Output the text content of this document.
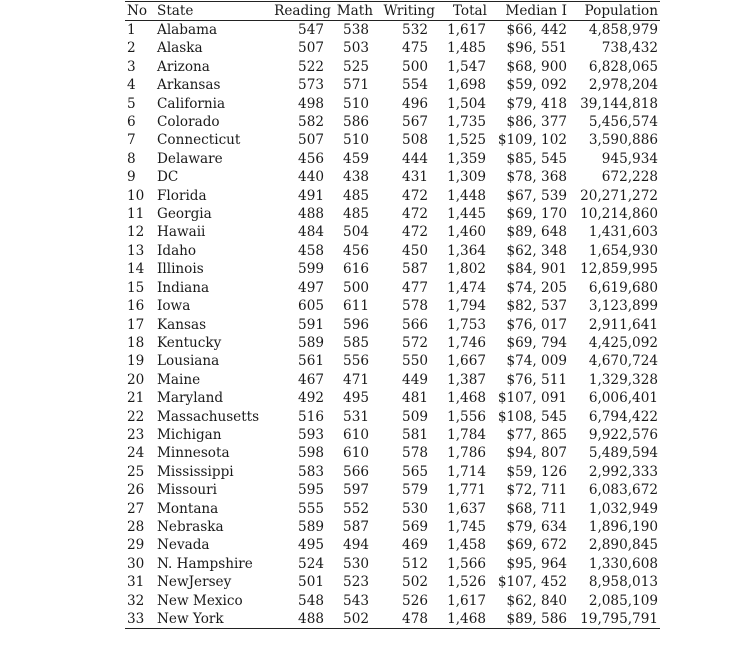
No	State	Reading	Math	Writing	Total	Median I	Population
1	Alabama	547	538	532	1,617	$66, 442	4,858,979
2	Alaska	507	503	475	1,485	$96, 551	738,432
3	Arizona	522	525	500	1,547	$68, 900	6,828,065
4	Arkansas	573	571	554	1,698	$59, 092	2,978,204
5	California	498	510	496	1,504	$79, 418	39,144,818
6	Colorado	582	586	567	1,735	$86, 377	5,456,574
7	Connecticut	507	510	508	1,525	$109, 102	3,590,886
8	Delaware	456	459	444	1,359	$85, 545	945,934
9	DC	440	438	431	1,309	$78, 368	672,228
10	Florida	491	485	472	1,448	$67, 539	20,271,272
11	Georgia	488	485	472	1,445	$69, 170	10,214,860
12	Hawaii	484	504	472	1,460	$89, 648	1,431,603
13	Idaho	458	456	450	1,364	$62, 348	1,654,930
14	Illinois	599	616	587	1,802	$84, 901	12,859,995
15	Indiana	497	500	477	1,474	$74, 205	6,619,680
16	Iowa	605	611	578	1,794	$82, 537	3,123,899
17	Kansas	591	596	566	1,753	$76, 017	2,911,641
18	Kentucky	589	585	572	1,746	$69, 794	4,425,092
19	Lousiana	561	556	550	1,667	$74, 009	4,670,724
20	Maine	467	471	449	1,387	$76, 511	1,329,328
21	Maryland	492	495	481	1,468	$107, 091	6,006,401
22	Massachusetts	516	531	509	1,556	$108, 545	6,794,422
23	Michigan	593	610	581	1,784	$77, 865	9,922,576
24	Minnesota	598	610	578	1,786	$94, 807	5,489,594
25	Mississippi	583	566	565	1,714	$59, 126	2,992,333
26	Missouri	595	597	579	1,771	$72, 711	6,083,672
27	Montana	555	552	530	1,637	$68, 711	1,032,949
28	Nebraska	589	587	569	1,745	$79, 634	1,896,190
29	Nevada	495	494	469	1,458	$69, 672	2,890,845
30	N. Hampshire	524	530	512	1,566	$95, 964	1,330,608
31	NewJersey	501	523	502	1,526	$107, 452	8,958,013
32	New Mexico	548	543	526	1,617	$62, 840	2,085,109
33	New York	488	502	478	1,468	$89, 586	19,795,791
